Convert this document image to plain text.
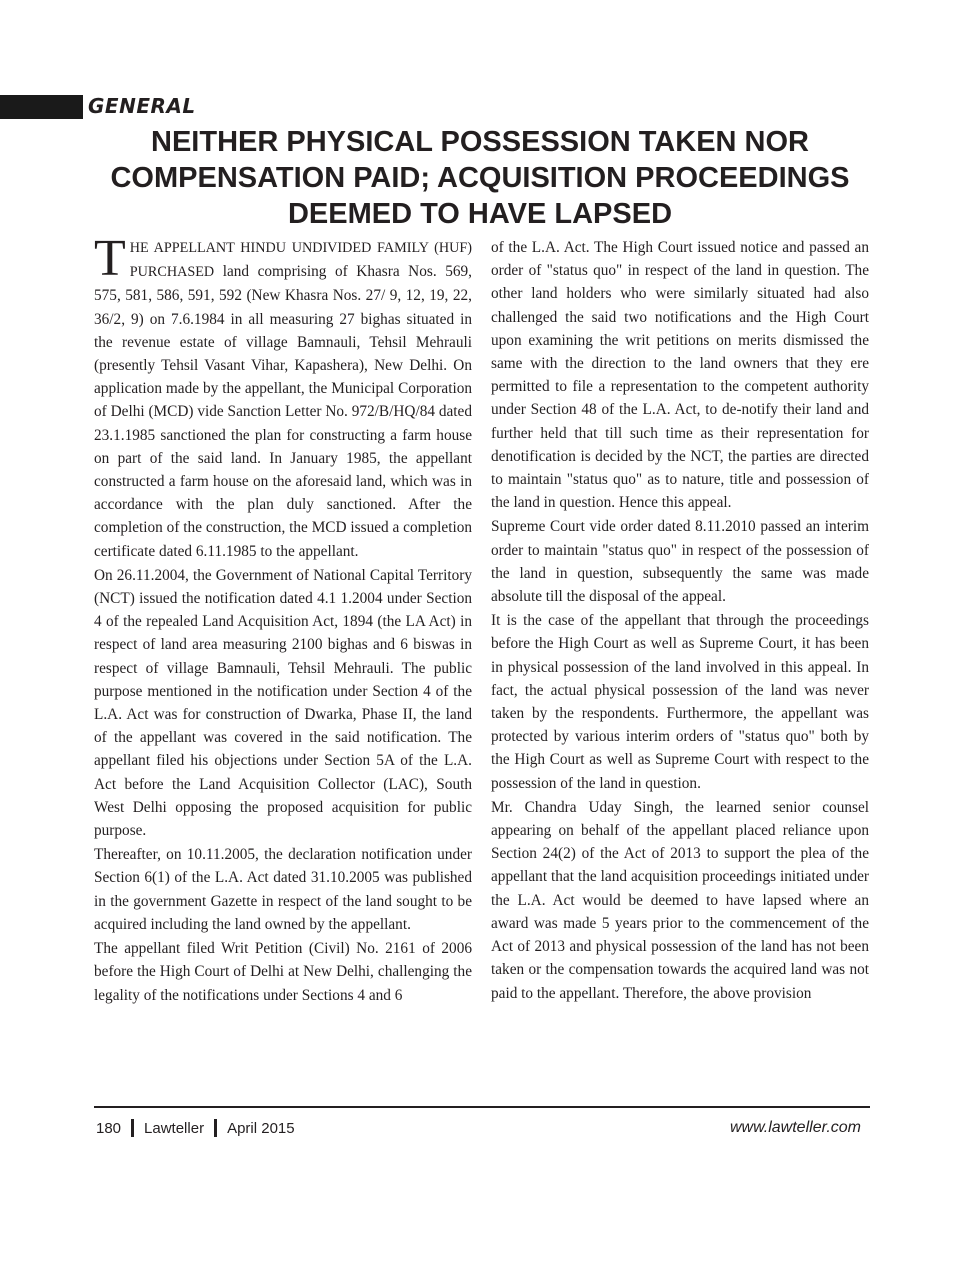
GENERAL
NEITHER PHYSICAL POSSESSION TAKEN NOR
COMPENSATION PAID; ACQUISITION PROCEEDINGS
DEEMED TO HAVE LAPSED

THE APPELLANT HINDU UNDIVIDED FAMILY (HUF) PURCHASED land comprising of Khasra Nos. 569, 575, 581, 586, 591, 592 (New Khasra Nos. 27/ 9, 12, 19, 22, 36/2, 9) on 7.6.1984 in all measuring 27 bighas situated in the revenue estate of village Bamnauli, Tehsil Mehrauli (presently Tehsil Vasant Vihar, Kapashera), New Delhi. On application made by the appellant, the Municipal Corporation of Delhi (MCD) vide Sanction Letter No. 972/B/HQ/84 dated 23.1.1985 sanctioned the plan for constructing a farm house on part of the said land. In January 1985, the appellant constructed a farm house on the aforesaid land, which was in accordance with the plan duly sanctioned. After the completion of the construction, the MCD issued a completion certificate dated 6.11.1985 to the appellant.

On 26.11.2004, the Government of National Capital Territory (NCT) issued the notification dated 4.1 1.2004 under Section 4 of the repealed Land Acquisition Act, 1894 (the LA Act) in respect of land area measuring 2100 bighas and 6 biswas in respect of village Bamnauli, Tehsil Mehrauli. The public purpose mentioned in the notification under Section 4 of the L.A. Act was for construction of Dwarka, Phase II, the land of the appellant was covered in the said notification. The appellant filed his objections under Section 5A of the L.A. Act before the Land Acquisition Collector (LAC), South West Delhi opposing the proposed acquisition for public purpose.

Thereafter, on 10.11.2005, the declaration notification under Section 6(1) of the L.A. Act dated 31.10.2005 was published in the government Gazette in respect of the land sought to be acquired including the land owned by the appellant.

The appellant filed Writ Petition (Civil) No. 2161 of 2006 before the High Court of Delhi at New Delhi, challenging the legality of the notifications under Sections 4 and 6

of the L.A. Act. The High Court issued notice and passed an order of "status quo" in respect of the land in question. The other land holders who were similarly situated had also challenged the said two notifications and the High Court upon examining the writ petitions on merits dismissed the same with the direction to the land owners that they ere permitted to file a representation to the competent authority under Section 48 of the L.A. Act, to de-notify their land and further held that till such time as their representation for denotification is decided by the NCT, the parties are directed to maintain "status quo" as to nature, title and possession of the land in question. Hence this appeal.

Supreme Court vide order dated 8.11.2010 passed an interim order to maintain "status quo" in respect of the possession of the land in question, subsequently the same was made absolute till the disposal of the appeal.

It is the case of the appellant that through the proceedings before the High Court as well as Supreme Court, it has been in physical possession of the land involved in this appeal. In fact, the actual physical possession of the land was never taken by the respondents. Furthermore, the appellant was protected by various interim orders of "status quo" both by the High Court as well as Supreme Court with respect to the possession of the land in question.

Mr. Chandra Uday Singh, the learned senior counsel appearing on behalf of the appellant placed reliance upon Section 24(2) of the Act of 2013 to support the plea of the appellant that the land acquisition proceedings initiated under the L.A. Act would be deemed to have lapsed where an award was made 5 years prior to the commencement of the Act of 2013 and physical possession of the land has not been taken or the compensation towards the acquired land was not paid to the appellant. Therefore, the above provision

180 Lawteller April 2015	www.lawteller.com
